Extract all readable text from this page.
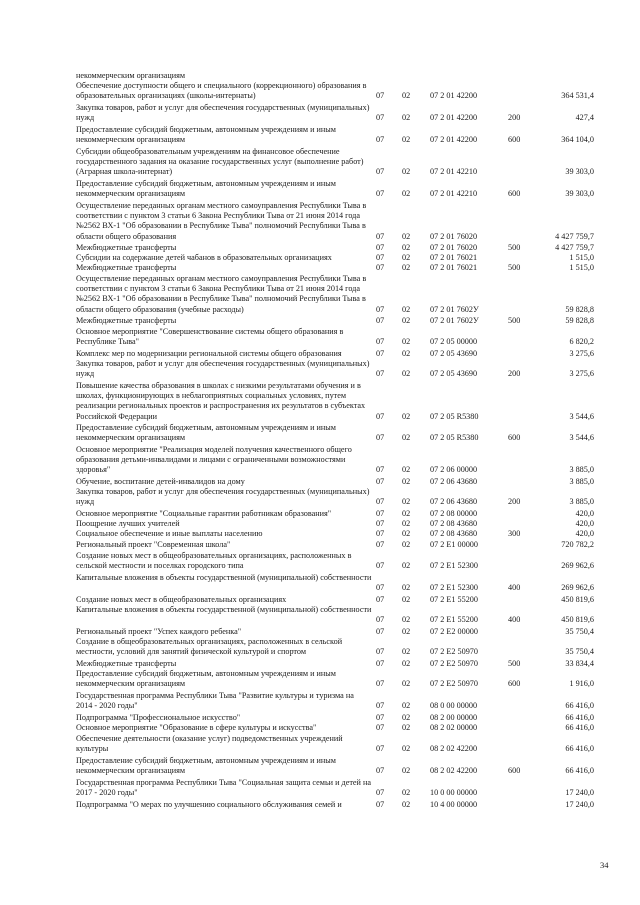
некоммерческим организациям
Обеспечение доступности общего и специального (коррекционного) образования в образовательных организациях (школы-интернаты)	07 02 07 2 01 42200	364 531,4
Закупка товаров, работ и услуг для обеспечения государственных (муниципальных) нужд	07 02 07 2 01 42200	200	427,4
Предоставление субсидий бюджетным, автономным учреждениям и иным некоммерческим организациям	07 02 07 2 01 42200	600	364 104,0
Субсидии общеобразовательным учреждениям на финансовое обеспечение государственного задания на оказание государственных услуг (выполнение работ) (Аграрная школа-интернат)	07 02 07 2 01 42210	39 303,0
Предоставление субсидий бюджетным, автономным учреждениям и иным некоммерческим организациям	07 02 07 2 01 42210	600	39 303,0
Осуществление переданных органам местного самоуправления Республики Тыва в соответствии с пунктом 3 статьи 6 Закона Республики Тыва от 21 июня 2014 года №2562 ВХ-1 "Об образовании в Республике Тыва" полномочий Республики Тыва в области общего образования	07 02 07 2 01 76020	4 427 759,7
Межбюджетные трансферты	07 02 07 2 01 76020	500	4 427 759,7
Субсидии на содержание детей чабанов в образовательных организациях	07 02 07 2 01 76021	1 515,0
Межбюджетные трансферты	07 02 07 2 01 76021	500	1 515,0
Осуществление переданных органам местного самоуправления Республики Тыва в соответствии с пунктом 3 статьи 6 Закона Республики Тыва от 21 июня 2014 года №2562 ВХ-1 "Об образовании в Республике Тыва" полномочий Республики Тыва в области общего образования (учебные расходы)	07 02 07 2 01 7602У	59 828,8
Межбюджетные трансферты	07 02 07 2 01 7602У	500	59 828,8
Основное мероприятие "Совершенствование системы общего образования в Республике Тыва"	07 02 07 2 05 00000	6 820,2
Комплекс мер по модернизации региональной системы общего образования	07 02 07 2 05 43690	3 275,6
Закупка товаров, работ и услуг для обеспечения государственных (муниципальных) нужд	07 02 07 2 05 43690	200	3 275,6
Повышение качества образования в школах с низкими результатами обучения и в школах, функционирующих в неблагоприятных социальных условиях, путем реализации региональных проектов и распространения их результатов в субъектах Российской Федерации	07 02 07 2 05 R5380	3 544,6
Предоставление субсидий бюджетным, автономным учреждениям и иным некоммерческим организациям	07 02 07 2 05 R5380	600	3 544,6
Основное мероприятие "Реализация моделей получения качественного общего образования детьми-инвалидами и лицами с ограниченными возможностями здоровья"	07 02 07 2 06 00000	3 885,0
Обучение, воспитание детей-инвалидов на дому	07 02 07 2 06 43680	3 885,0
Закупка товаров, работ и услуг для обеспечения государственных (муниципальных) нужд	07 02 07 2 06 43680	200	3 885,0
Основное мероприятие "Социальные гарантии работникам образования"	07 02 07 2 08 00000	420,0
Поощрение лучших учителей	07 02 07 2 08 43680	420,0
Социальное обеспечение и иные выплаты населению	07 02 07 2 08 43680	300	420,0
Региональный проект "Современная школа"	07 02 07 2 E1 00000	720 782,2
Создание новых мест в общеобразовательных организациях, расположенных в сельской местности и поселках городского типа	07 02 07 2 E1 52300	269 962,6
Капитальные вложения в объекты государственной (муниципальной) собственности
07 02 07 2 E1 52300	400	269 962,6
Создание новых мест в общеобразовательных организациях	07 02 07 2 E1 55200	450 819,6
Капитальные вложения в объекты государственной (муниципальной) собственности
07 02 07 2 E1 55200	400	450 819,6
Региональный проект "Успех каждого ребенка"	07 02 07 2 E2 00000	35 750,4
Создание в общеобразовательных организациях, расположенных в сельской местности, условий для занятий физической культурой и спортом	07 02 07 2 E2 50970	35 750,4
Межбюджетные трансферты	07 02 07 2 E2 50970	500	33 834,4
Предоставление субсидий бюджетным, автономным учреждениям и иным некоммерческим организациям	07 02 07 2 E2 50970	600	1 916,0
Государственная программа Республики Тыва "Развитие культуры и туризма на 2014 - 2020 годы"	07 02 08 0 00 00000	66 416,0
Подпрограмма "Профессиональное искусство"	07 02 08 2 00 00000	66 416,0
Основное мероприятие "Образование в сфере культуры и искусства"	07 02 08 2 02 00000	66 416,0
Обеспечение деятельности (оказание услуг) подведомственных учреждений культуры	07 02 08 2 02 42200	66 416,0
Предоставление субсидий бюджетным, автономным учреждениям и иным некоммерческим организациям	07 02 08 2 02 42200	600	66 416,0
Государственная программа Республики Тыва "Социальная защита семьи и детей на 2017 - 2020 годы"	07 02 10 0 00 00000	17 240,0
Подпрограмма "О мерах по улучшению социального обслуживания семей и	07 02 10 4 00 00000	17 240,0
34
